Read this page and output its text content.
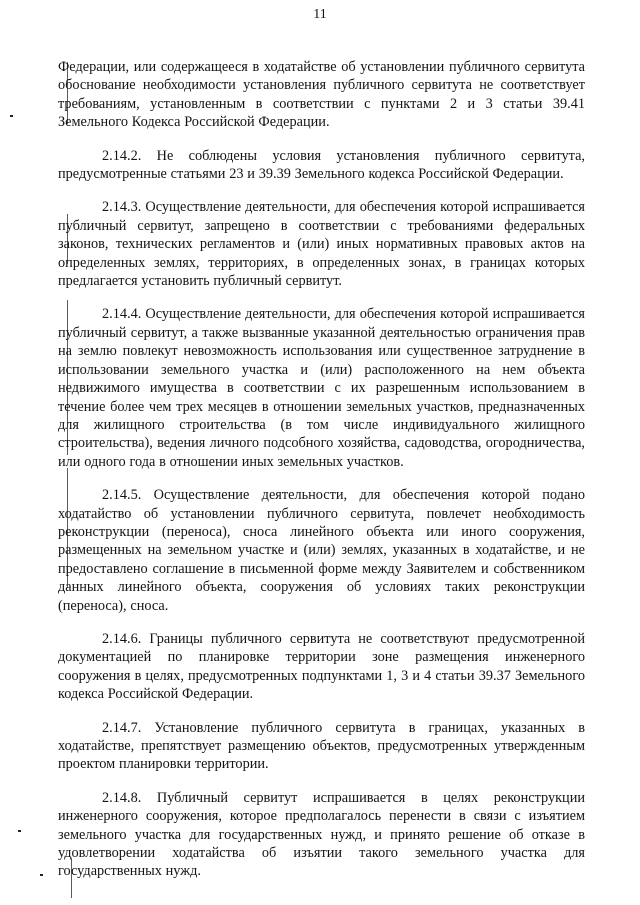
11

Федерации, или содержащееся в ходатайстве об установлении публичного сервитута обоснование необходимости установления публичного сервитута не соответствует требованиям, установленным в соответствии с пунктами 2 и 3 статьи 39.41 Земельного Кодекса Российской Федерации.

2.14.2. Не соблюдены условия установления публичного сервитута, предусмотренные статьями 23 и 39.39 Земельного кодекса Российской Федерации.

2.14.3. Осуществление деятельности, для обеспечения которой испрашивается публичный сервитут, запрещено в соответствии с требованиями федеральных законов, технических регламентов и (или) иных нормативных правовых актов на определенных землях, территориях, в определенных зонах, в границах которых предлагается установить публичный сервитут.

2.14.4. Осуществление деятельности, для обеспечения которой испрашивается публичный сервитут, а также вызванные указанной деятельностью ограничения прав на землю повлекут невозможность использования или существенное затруднение в использовании земельного участка и (или) расположенного на нем объекта недвижимого имущества в соответствии с их разрешенным использованием в течение более чем трех месяцев в отношении земельных участков, предназначенных для жилищного строительства (в том числе индивидуального жилищного строительства), ведения личного подсобного хозяйства, садоводства, огородничества, или одного года в отношении иных земельных участков.

2.14.5. Осуществление деятельности, для обеспечения которой подано ходатайство об установлении публичного сервитута, повлечет необходимость реконструкции (переноса), сноса линейного объекта или иного сооружения, размещенных на земельном участке и (или) землях, указанных в ходатайстве, и не предоставлено соглашение в письменной форме между Заявителем и собственником данных линейного объекта, сооружения об условиях таких реконструкции (переноса), сноса.

2.14.6. Границы публичного сервитута не соответствуют предусмотренной документацией по планировке территории зоне размещения инженерного сооружения в целях, предусмотренных подпунктами 1, 3 и 4 статьи 39.37 Земельного кодекса Российской Федерации.

2.14.7. Установление публичного сервитута в границах, указанных в ходатайстве, препятствует размещению объектов, предусмотренных утвержденным проектом планировки территории.

2.14.8. Публичный сервитут испрашивается в целях реконструкции инженерного сооружения, которое предполагалось перенести в связи с изъятием земельного участка для государственных нужд, и принято решение об отказе в удовлетворении ходатайства об изъятии такого земельного участка для государственных нужд.
